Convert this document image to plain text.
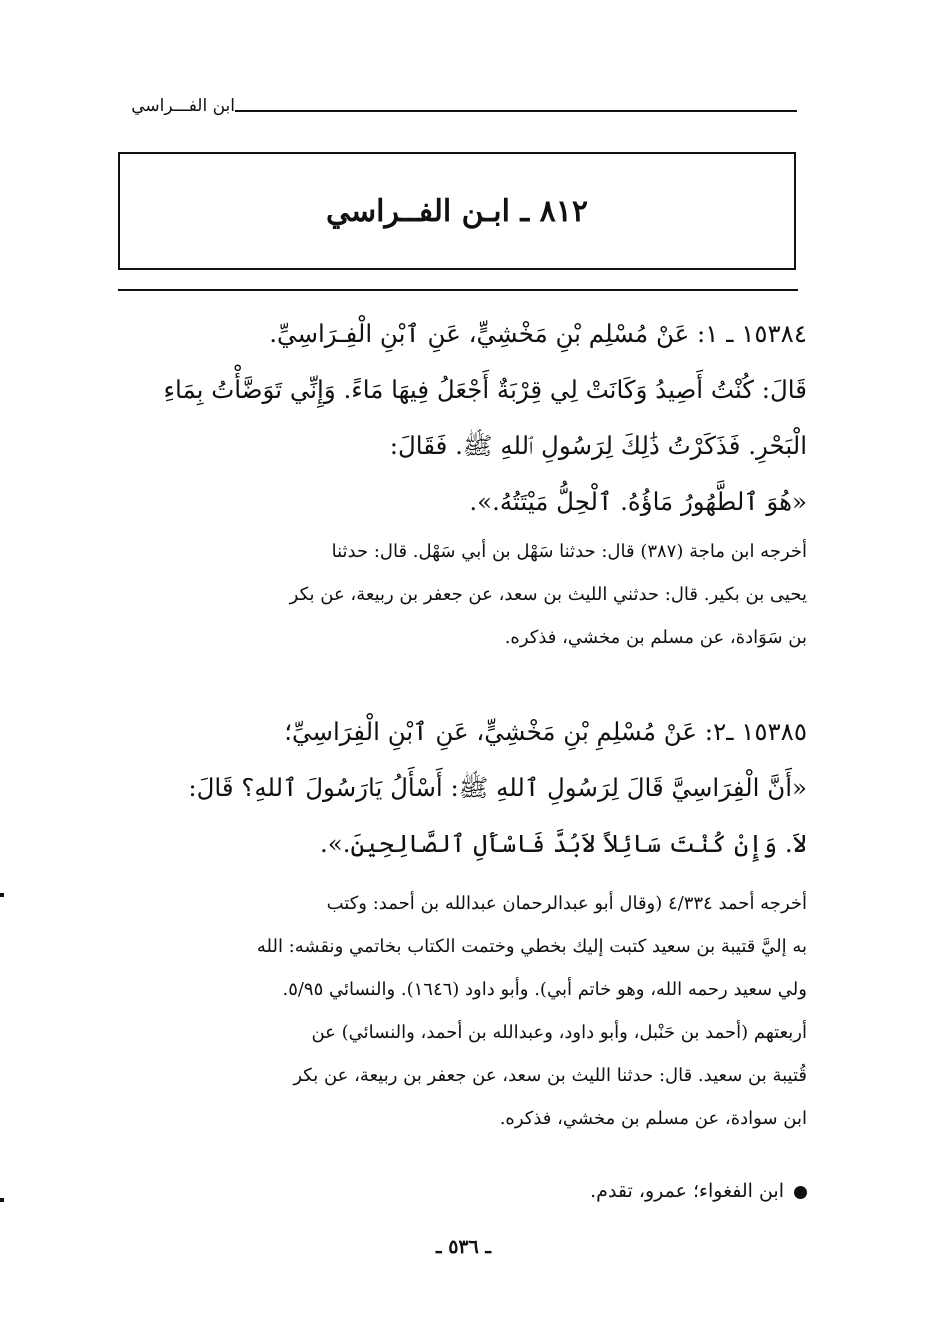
ابن الفـــراسي
٨١٢ ـ ابـن الفــراسي
١٥٣٨٤ ـ ١: عَنْ مُسْلِم بْنِ مَخْشِيٍّ، عَنِ ٱبْنِ الْفِـرَاسِيِّ.
قَالَ: كُنْتُ أَصِيدُ وَكَانَتْ لِي قِرْبَةٌ أَجْعَلُ فِيهَا مَاءً. وَإِنِّي تَوَضَّأْتُ بِمَاءِ
الْبَحْرِ. فَذَكَرْتُ ذَٰلِكَ لِرَسُولِ ٱللهِ ﷺ. فَقَالَ:
«هُوَ ٱلطَّهُورُ مَاؤُهُ. ٱلْحِلُّ مَيْتَتُهُ.».
أخرجه ابن ماجة (٣٨٧) قال: حدثنا سَهْل بن أبي سَهْل. قال: حدثنا
يحيى بن بكير. قال: حدثني الليث بن سعد، عن جعفر بن ربيعة، عن بكر
بن سَوَادة، عن مسلم بن مخشي، فذكره.
١٥٣٨٥ ـ٢: عَنْ مُسْلِمِ بْنِ مَخْشِيٍّ، عَنِ ٱبْنِ الْفِرَاسِيِّ؛
«أَنَّ الْفِرَاسِيَّ قَالَ لِرَسُولِ ٱللهِ ﷺ: أَسْأَلُ يَارَسُولَ ٱللهِ؟ قَالَ:
لاَ. وَإِنْ كُنْتَ سَائِلاً لاَبُدَّ فَاسْأَلِ ٱلصَّالِحِينَ.».
أخرجه أحمد ٤/٣٣٤ (وقال أبو عبدالرحمان عبدالله بن أحمد: وكتب
به إليَّ قتيبة بن سعيد كتبت إليك بخطي وختمت الكتاب بخاتمي ونقشه: الله
ولي سعيد رحمه الله، وهو خاتم أبي). وأبو داود (١٦٤٦). والنسائي ٥/٩٥.
أربعتهم (أحمد بن حَنْبل، وأبو داود، وعبدالله بن أحمد، والنسائي) عن
قُتيبة بن سعيد. قال: حدثنا الليث بن سعد، عن جعفر بن ربيعة، عن بكر
ابن سوادة، عن مسلم بن مخشي، فذكره.
ابن الفغواء؛ عمرو، تقدم.
ـ ٥٣٦ ـ
